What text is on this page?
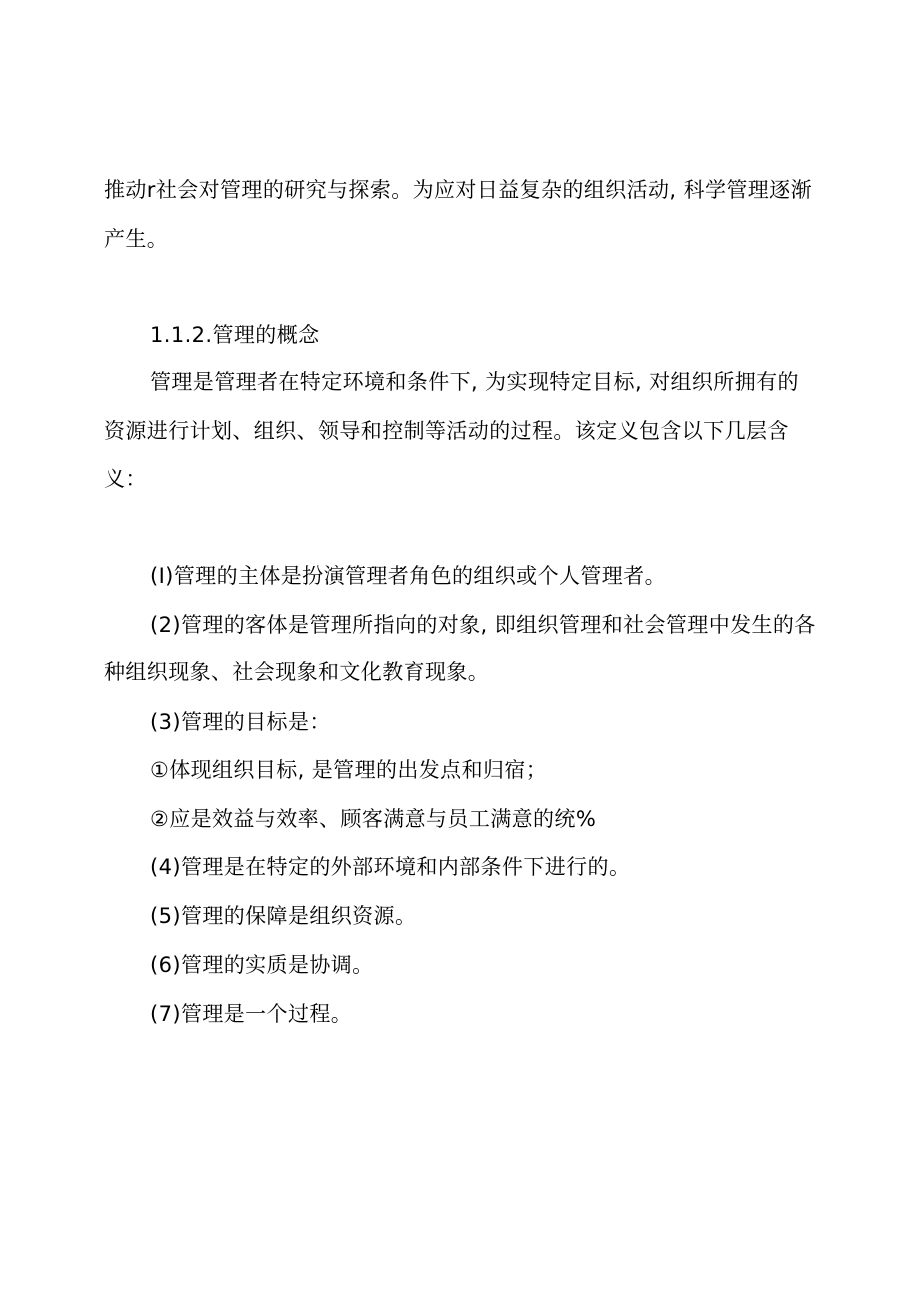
推动r社会对管理的研究与探索。为应对日益复杂的组织活动, 科学管理逐渐
产生。
1.1.2.管理的概念
管理是管理者在特定环境和条件下, 为实现特定目标, 对组织所拥有的
资源进行计划、组织、领导和控制等活动的过程。该定义包含以下几层含
义：
(I)管理的主体是扮演管理者角色的组织或个人管理者。
(2)管理的客体是管理所指向的对象, 即组织管理和社会管理中发生的各
种组织现象、社会现象和文化教育现象。
(3)管理的目标是：
①体现组织目标, 是管理的出发点和归宿；
②应是效益与效率、顾客满意与员工满意的统%
(4)管理是在特定的外部环境和内部条件下进行的。
(5)管理的保障是组织资源。
(6)管理的实质是协调。
(7)管理是一个过程。
